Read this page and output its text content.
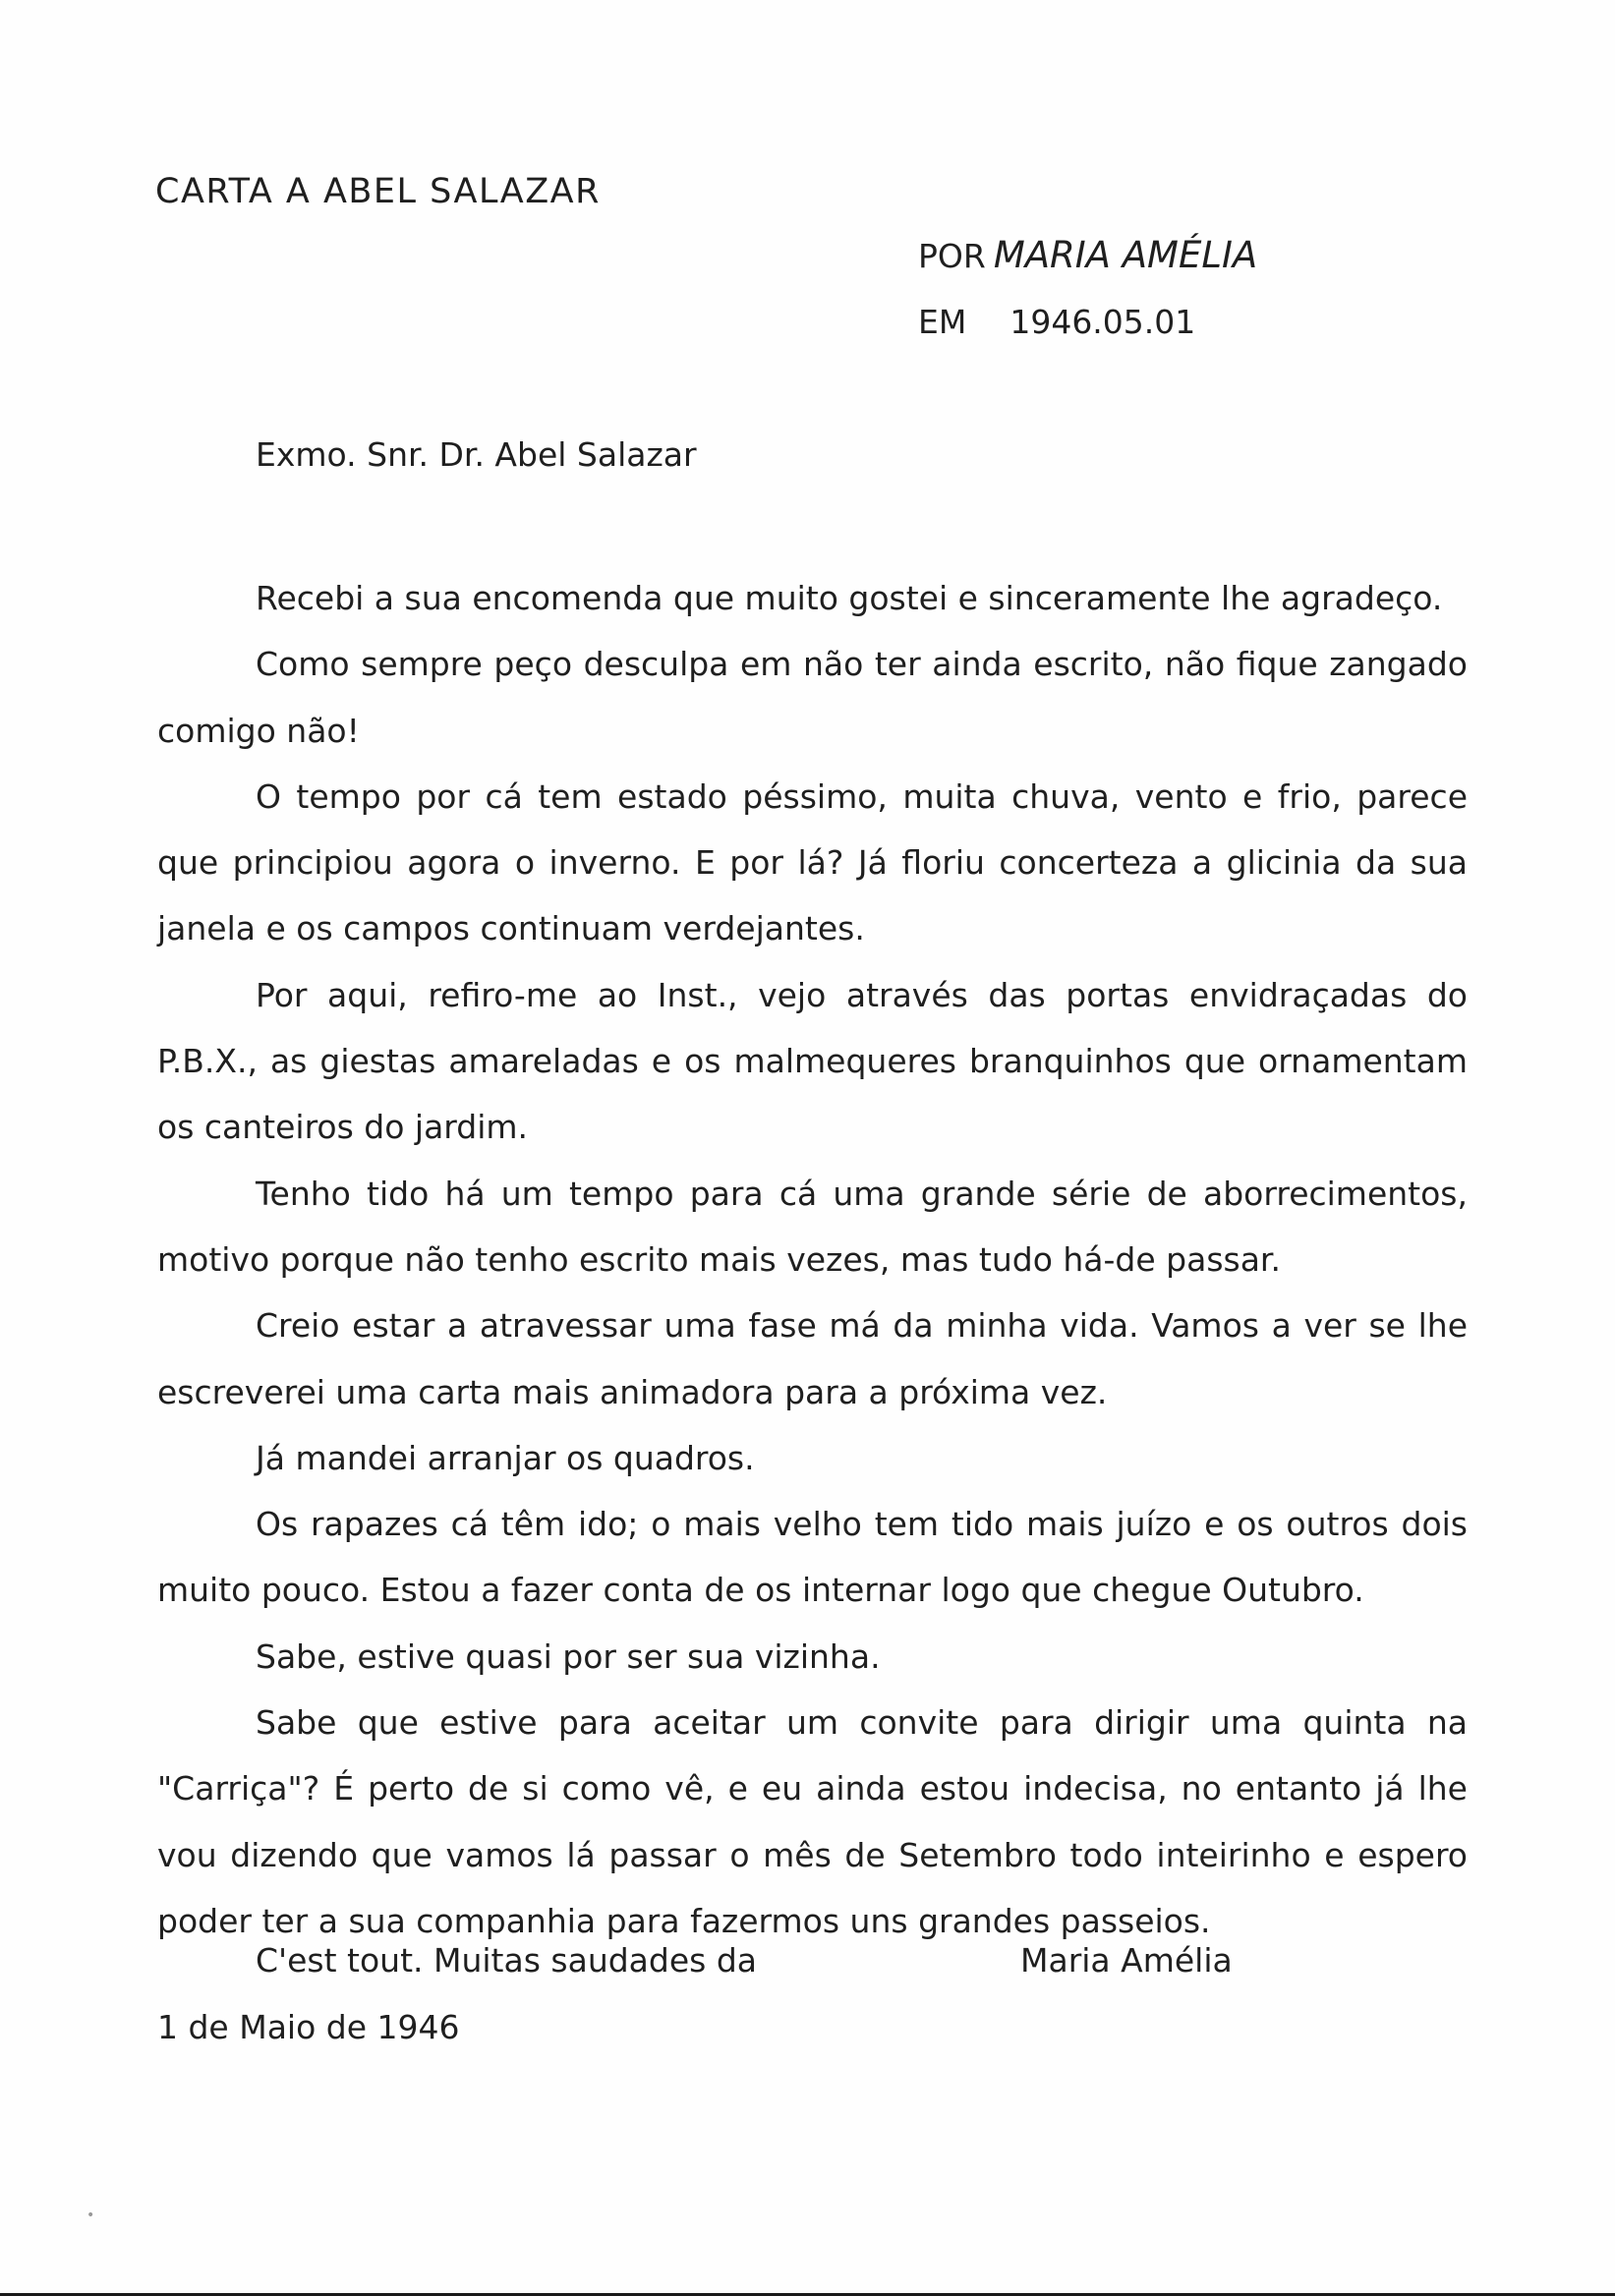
CARTA A ABEL SALAZAR
POR MARIA AMÉLIA
EM 1946.05.01
Exmo. Snr. Dr. Abel Salazar

Recebi a sua encomenda que muito gostei e sinceramente lhe agradeço.

Como sempre peço desculpa em não ter ainda escrito, não fique zangado comigo não!

O tempo por cá tem estado péssimo, muita chuva, vento e frio, parece que principiou agora o inverno. E por lá? Já floriu concerteza a glicinia da sua janela e os campos continuam verdejantes.

Por aqui, refiro-me ao Inst., vejo através das portas envidraçadas do P.B.X., as giestas amareladas e os malmequeres branquinhos que ornamentam os canteiros do jardim.

Tenho tido há um tempo para cá uma grande série de aborrecimentos, motivo porque não tenho escrito mais vezes, mas tudo há-de passar.

Creio estar a atravessar uma fase má da minha vida. Vamos a ver se lhe escreverei uma carta mais animadora para a próxima vez.

Já mandei arranjar os quadros.

Os rapazes cá têm ido; o mais velho tem tido mais juízo e os outros dois muito pouco. Estou a fazer conta de os internar logo que chegue Outubro.

Sabe, estive quasi por ser sua vizinha.

Sabe que estive para aceitar um convite para dirigir uma quinta na "Carriça"? É perto de si como vê, e eu ainda estou indecisa, no entanto já lhe vou dizendo que vamos lá passar o mês de Setembro todo inteirinho e espero poder ter a sua companhia para fazermos uns grandes passeios.

C'est tout. Muitas saudades da	Maria Amélia
1 de Maio de 1946
•
